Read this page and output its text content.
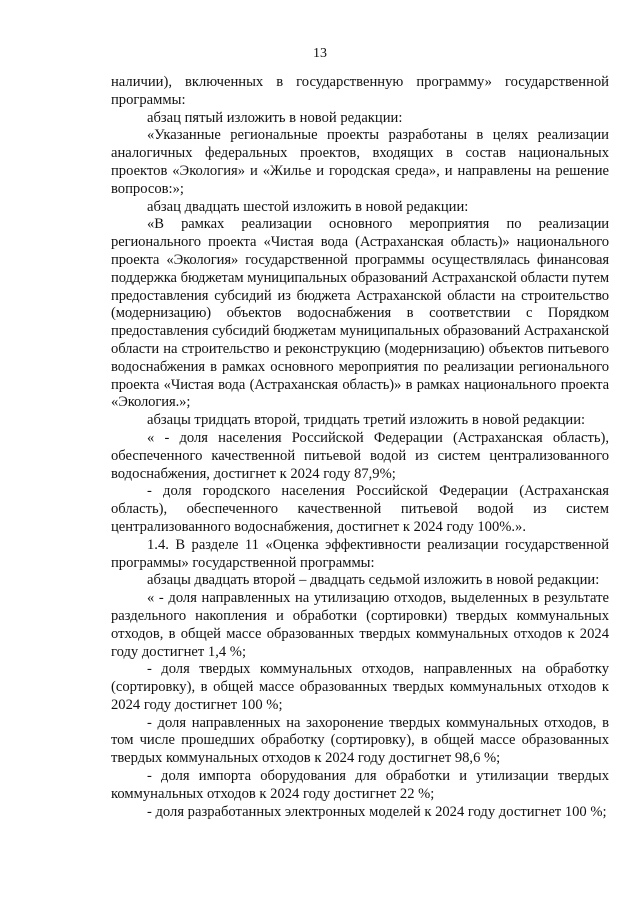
13

наличии), включенных в государственную программу» государственной программы:

абзац пятый изложить в новой редакции:

«Указанные региональные проекты разработаны в целях реализации аналогичных федеральных проектов, входящих в состав национальных проектов «Экология» и «Жилье и городская среда», и направлены на решение вопросов:»;

абзац двадцать шестой изложить в новой редакции:

«В рамках реализации основного мероприятия по реализации регионального проекта «Чистая вода (Астраханская область)» национального проекта «Экология» государственной программы осуществлялась финансовая поддержка бюджетам муниципальных образований Астраханской области путем предоставления субсидий из бюджета Астраханской области на строительство (модернизацию) объектов водоснабжения в соответствии с Порядком предоставления субсидий бюджетам муниципальных образований Астраханской области на строительство и реконструкцию (модернизацию) объектов питьевого водоснабжения в рамках основного мероприятия по реализации регионального проекта «Чистая вода (Астраханская область)» в рамках национального проекта «Экология.»;

абзацы тридцать второй, тридцать третий изложить в новой редакции:

« - доля населения Российской Федерации (Астраханская область), обеспеченного качественной питьевой водой из систем централизованного водоснабжения, достигнет к 2024 году 87,9%;

- доля городского населения Российской Федерации (Астраханская область), обеспеченного качественной питьевой водой из систем централизованного водоснабжения, достигнет к 2024 году 100%.».

1.4. В разделе 11 «Оценка эффективности реализации государственной программы» государственной программы:

абзацы двадцать второй – двадцать седьмой изложить в новой редакции:

« - доля направленных на утилизацию отходов, выделенных в результате раздельного накопления и обработки (сортировки) твердых коммунальных отходов, в общей массе образованных твердых коммунальных отходов к 2024 году достигнет 1,4 %;

- доля твердых коммунальных отходов, направленных на обработку (сортировку), в общей массе образованных твердых коммунальных отходов к 2024 году достигнет 100 %;

- доля направленных на захоронение твердых коммунальных отходов, в том числе прошедших обработку (сортировку), в общей массе образованных твердых коммунальных отходов к 2024 году достигнет 98,6 %;

- доля импорта оборудования для обработки и утилизации твердых коммунальных отходов к 2024 году достигнет 22 %;

- доля разработанных электронных моделей к 2024 году достигнет 100 %;
